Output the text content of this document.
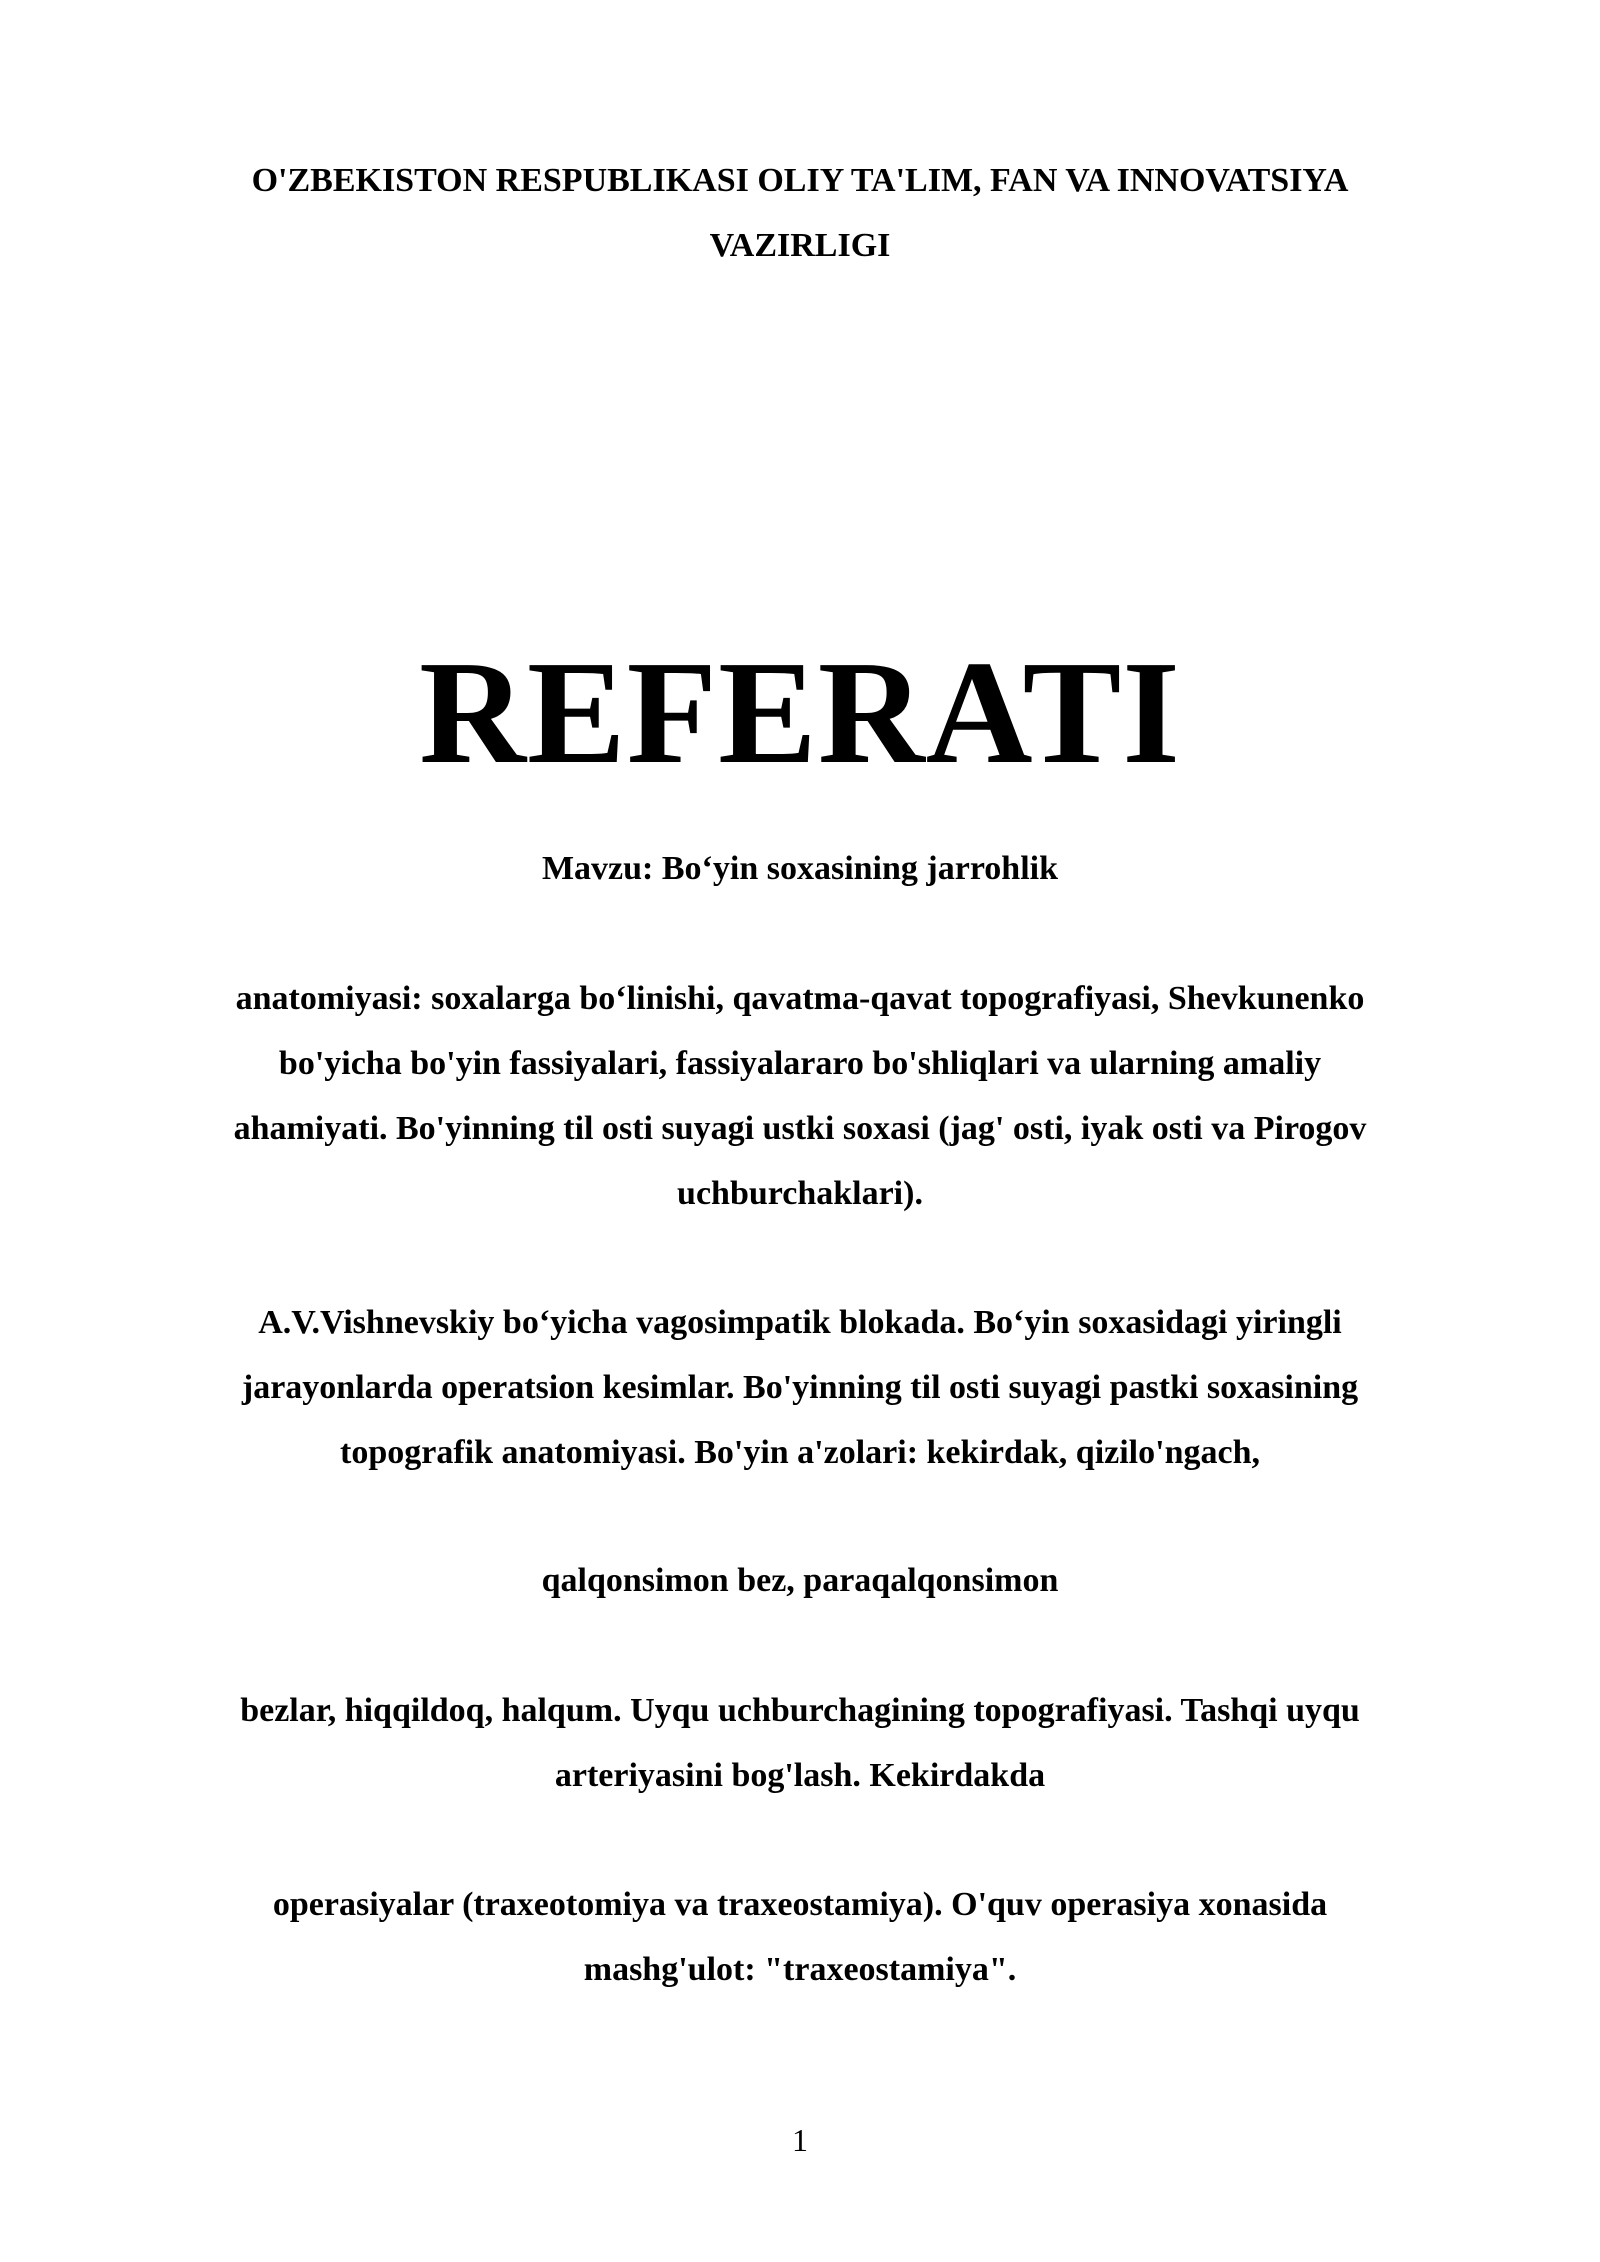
O'ZBEKISTON RESPUBLIKASI OLIY TA'LIM, FAN VA INNOVATSIYA
VAZIRLIGI
REFERATI

Mavzu: Bo‘yin soxasining jarrohlik

anatomiyasi: soxalarga bo‘linishi, qavatma-qavat topografiyasi, Shevkunenko
bo'yicha bo'yin fassiyalari, fassiyalararo bo'shliqlari va ularning amaliy
ahamiyati. Bo'yinning til osti suyagi ustki soxasi (jag' osti, iyak osti va Pirogov
uchburchaklari).

A.V.Vishnevskiy bo‘yicha vagosimpatik blokada. Bo‘yin soxasidagi yiringli
jarayonlarda operatsion kesimlar. Bo'yinning til osti suyagi pastki soxasining
topografik anatomiyasi. Bo'yin a'zolari: kekirdak, qizilo'ngach,

qalqonsimon bez, paraqalqonsimon

bezlar, hiqqildoq, halqum. Uyqu uchburchagining topografiyasi. Tashqi uyqu
arteriyasini bog'lash. Kekirdakda

operasiyalar (traxeotomiya va traxeostamiya). O'quv operasiya xonasida
mashg'ulot: "traxeostamiya".

1
